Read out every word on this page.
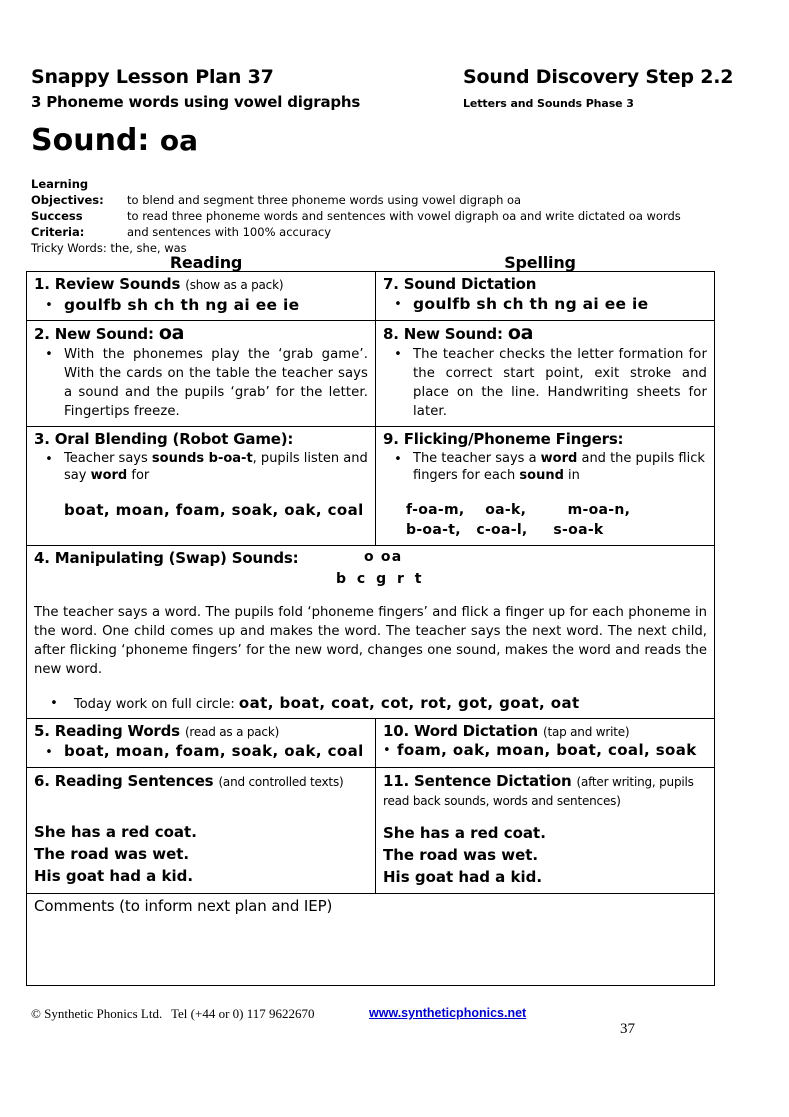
Snappy Lesson Plan 37	Sound Discovery Step 2.2
3 Phoneme words using vowel digraphs	Letters and Sounds Phase 3
Sound: oa
Learning Objectives: to blend and segment three phoneme words using vowel digraph oa
Success Criteria:
to read three phoneme words and sentences with vowel digraph oa and write dictated oa words and sentences with 100% accuracy
Tricky Words: the, she, was
Reading	Spelling
1. Review Sounds (show as a pack)
• goulfb sh ch th ng ai ee ie

7. Sound Dictation
• goulfb sh ch th ng ai ee ie

2. New Sound: oa
• With the phonemes play the ‘grab game’. With the cards on the table the teacher says a sound and the pupils ‘grab’ for the letter. Fingertips freeze.

8. New Sound: oa
• The teacher checks the letter formation for the correct start point, exit stroke and place on the line. Handwriting sheets for later.

3. Oral Blending (Robot Game):
• Teacher says sounds b-oa-t, pupils listen and say word for
boat, moan, foam, soak, oak, coal

9. Flicking/Phoneme Fingers:
• The teacher says a word and the pupils flick fingers for each sound in
f-oa-m,    oa-k,        m-oa-n,
b-oa-t,   c-oa-l,     s-oa-k

4. Manipulating (Swap) Sounds:	o oa
b c g r t
The teacher says a word. The pupils fold ‘phoneme fingers’ and flick a finger up for each phoneme in the word. One child comes up and makes the word. The teacher says the next word. The next child, after flicking ‘phoneme fingers’ for the new word, changes one sound, makes the word and reads the new word.
•	Today work on full circle: oat, boat, coat, cot, rot, got, goat, oat

5. Reading Words (read as a pack)
• boat, moan, foam, soak, oak, coal

10. Word Dictation (tap and write)
• foam, oak, moan, boat, coal, soak

6. Reading Sentences (and controlled texts)
She has a red coat.
The road was wet.
His goat had a kid.

11. Sentence Dictation (after writing, pupils read back sounds, words and sentences)
She has a red coat.
The road was wet.
His goat had a kid.

Comments (to inform next plan and IEP)	
© Synthetic Phonics Ltd. Tel (+44 or 0) 117 9622670	www.syntheticphonics.net
37
